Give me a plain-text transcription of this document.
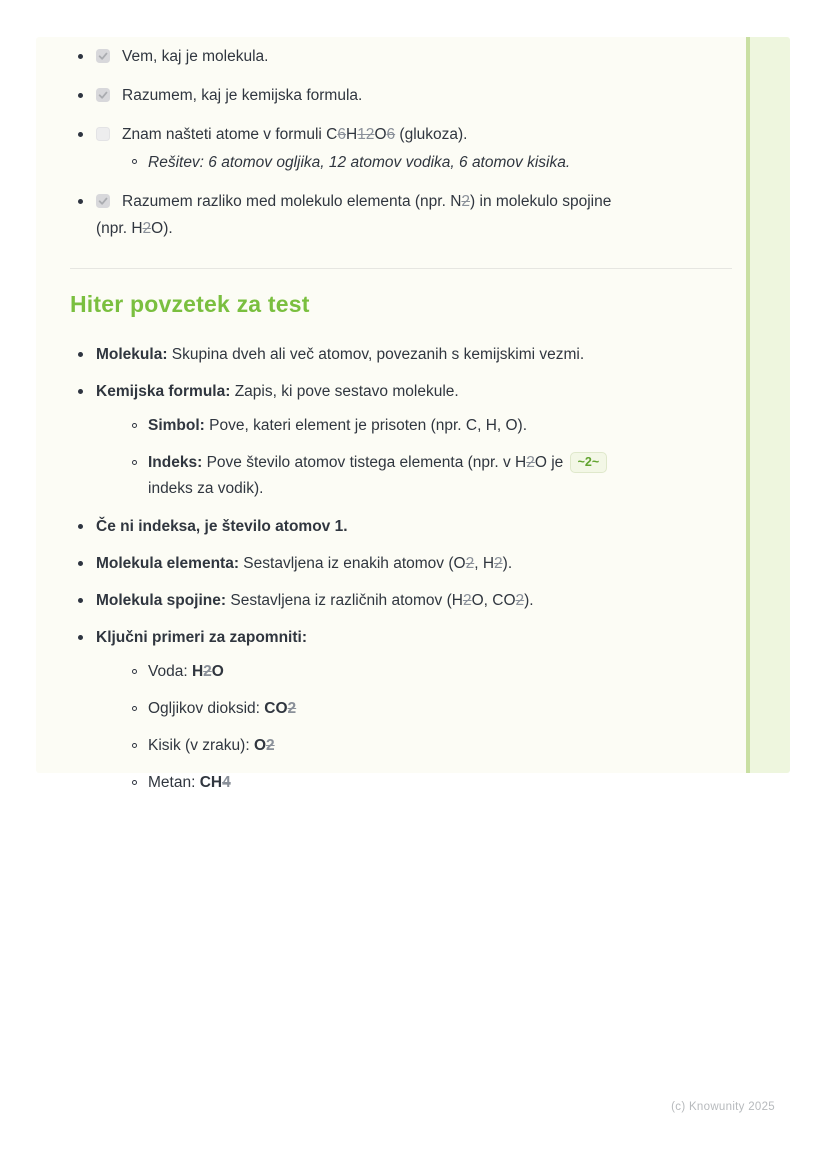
Vem, kaj je molekula.
Razumem, kaj je kemijska formula.
Znam našteti atome v formuli C6H12O6 (glukoza).
Rešitev: 6 atomov ogljika, 12 atomov vodika, 6 atomov kisika.
Razumem razliko med molekulo elementa (npr. N2) in molekulo spojine
(npr. H2O).
Hiter povzetek za test
Molekula: Skupina dveh ali več atomov, povezanih s kemijskimi vezmi.
Kemijska formula: Zapis, ki pove sestavo molekule.
Simbol: Pove, kateri element je prisoten (npr. C, H, O).
Indeks: Pove število atomov tistega elementa (npr. v H2O je ~2~
indeks za vodik).
Če ni indeksa, je število atomov 1.
Molekula elementa: Sestavljena iz enakih atomov (O2, H2).
Molekula spojine: Sestavljena iz različnih atomov (H2O, CO2).
Ključni primeri za zapomniti:
Voda: H2O
Ogljikov dioksid: CO2
Kisik (v zraku): O2
Metan: CH4
(c) Knowunity 2025
